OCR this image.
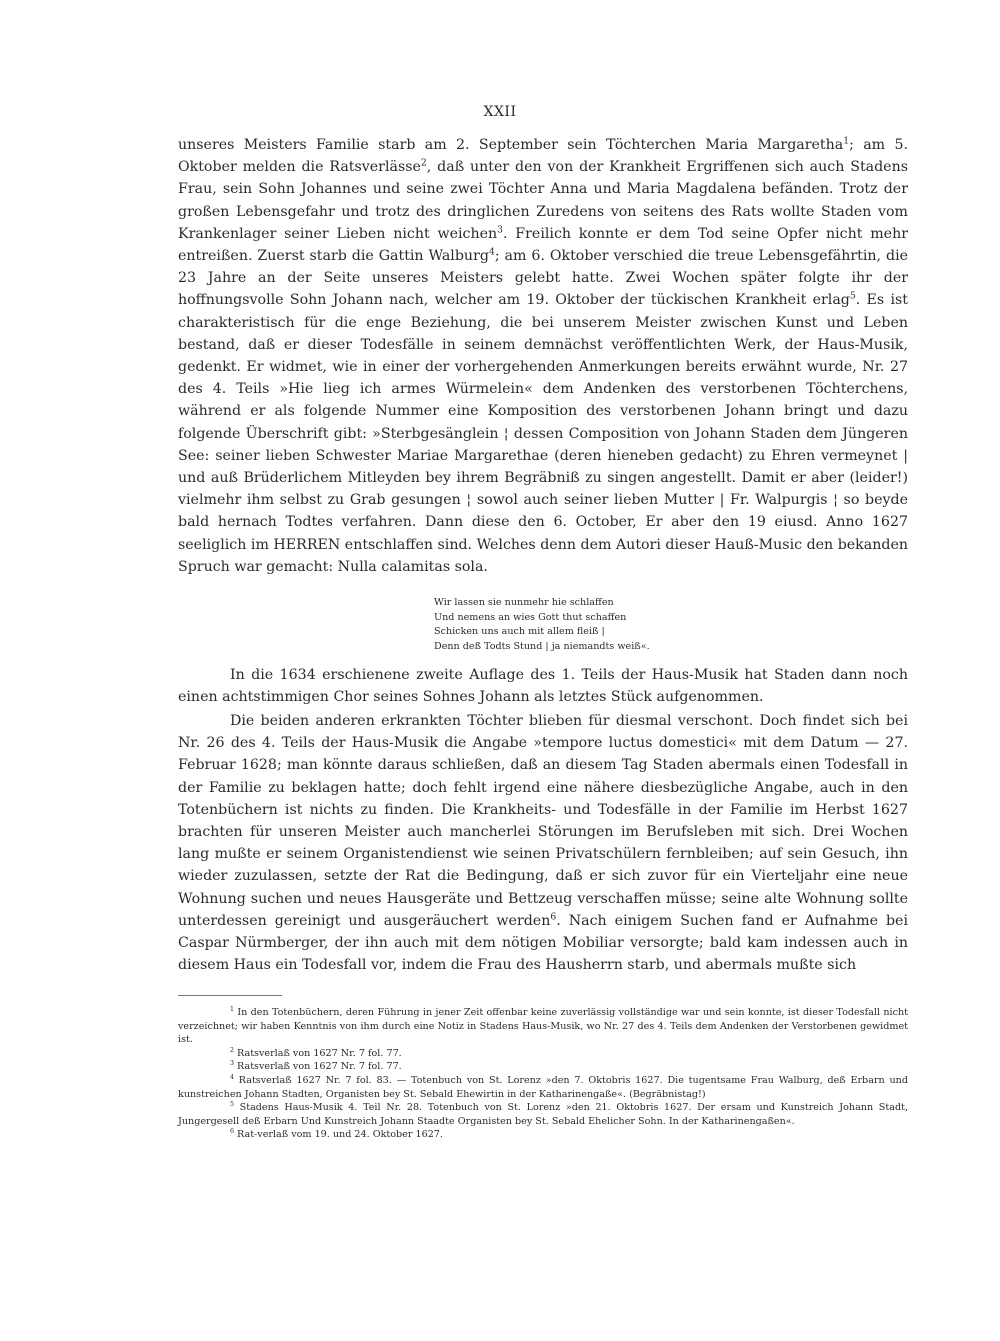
XXII

unseres Meisters Familie starb am 2. September sein Töchterchen Maria Margaretha$^1$; am 5. Oktober melden die Ratsverlässe$^2$, daß unter den von der Krankheit Ergriffenen sich auch Stadens Frau, sein Sohn Johannes und seine zwei Töchter Anna und Maria Magdalena befänden. Trotz der großen Lebensgefahr und trotz des dringlichen Zuredens von seitens des Rats wollte Staden vom Krankenlager seiner Lieben nicht weichen$^3$. Freilich konnte er dem Tod seine Opfer nicht mehr entreißen. Zuerst starb die Gattin Walburg$^4$; am 6. Oktober verschied die treue Lebensgefährtin, die 23 Jahre an der Seite unseres Meisters gelebt hatte. Zwei Wochen später folgte ihr der hoffnungsvolle Sohn Johann nach, welcher am 19. Oktober der tückischen Krankheit erlag$^5$. Es ist charakteristisch für die enge Beziehung, die bei unserem Meister zwischen Kunst und Leben bestand, daß er dieser Todesfälle in seinem demnächst veröffentlichten Werk, der Haus-Musik, gedenkt. Er widmet, wie in einer der vorhergehenden Anmerkungen bereits erwähnt wurde, Nr. 27 des 4. Teils »Hie lieg ich armes Würmelein« dem Andenken des verstorbenen Töchterchens, während er als folgende Nummer eine Komposition des verstorbenen Johann bringt und dazu folgende Überschrift gibt: »Sterbgesänglein ¦ dessen Composition von Johann Staden dem Jüngeren See: seiner lieben Schwester Mariae Margarethae (deren hieneben gedacht) zu Ehren vermeynet | und auß Brüderlichem Mitleyden bey ihrem Begräbniß zu singen angestellt. Damit er aber (leider!) vielmehr ihm selbst zu Grab gesungen ¦ sowol auch seiner lieben Mutter | Fr. Walpurgis ¦ so beyde bald hernach Todtes verfahren. Dann diese den 6. October, Er aber den 19 eiusd. Anno 1627 seeliglich im HERREN entschlaffen sind. Welches denn dem Autori dieser Hauß-Music den bekanden Spruch war gemacht: Nulla calamitas sola.

Wir lassen sie nunmehr hie schlaffen
Und nemens an wies Gott thut schaffen
Schicken uns auch mit allem fleiß |
Denn deß Todts Stund | ja niemandts weiß«.

In die 1634 erschienene zweite Auflage des 1. Teils der Haus-Musik hat Staden dann noch einen achtstimmigen Chor seines Sohnes Johann als letztes Stück aufgenommen.

Die beiden anderen erkrankten Töchter blieben für diesmal verschont. Doch findet sich bei Nr. 26 des 4. Teils der Haus-Musik die Angabe »tempore luctus domestici« mit dem Datum — 27. Februar 1628; man könnte daraus schließen, daß an diesem Tag Staden abermals einen Todesfall in der Familie zu beklagen hatte; doch fehlt irgend eine nähere diesbezügliche Angabe, auch in den Totenbüchern ist nichts zu finden. Die Krankheits- und Todesfälle in der Familie im Herbst 1627 brachten für unseren Meister auch mancherlei Störungen im Berufsleben mit sich. Drei Wochen lang mußte er seinem Organistendienst wie seinen Privatschülern fernbleiben; auf sein Gesuch, ihn wieder zuzulassen, setzte der Rat die Bedingung, daß er sich zuvor für ein Vierteljahr eine neue Wohnung suchen und neues Hausgeräte und Bettzeug verschaffen müsse; seine alte Wohnung sollte unterdessen gereinigt und ausgeräuchert werden$^6$. Nach einigem Suchen fand er Aufnahme bei Caspar Nürmberger, der ihn auch mit dem nötigen Mobiliar versorgte; bald kam indessen auch in diesem Haus ein Todesfall vor, indem die Frau des Hausherrn starb, und abermals mußte sich

$^1$ In den Totenbüchern, deren Führung in jener Zeit offenbar keine zuverlässig vollständige war und sein konnte, ist dieser Todesfall nicht verzeichnet; wir haben Kenntnis von ihm durch eine Notiz in Stadens Haus-Musik, wo Nr. 27 des 4. Teils dem Andenken der Verstorbenen gewidmet ist.

$^2$ Ratsverlaß von 1627 Nr. 7 fol. 77.

$^3$ Ratsverlaß von 1627 Nr. 7 fol. 77.

$^4$ Ratsverlaß 1627 Nr. 7 fol. 83. — Totenbuch von St. Lorenz »den 7. Oktobris 1627. Die tugentsame Frau Walburg, deß Erbarn und kunstreichen Johann Stadten, Organisten bey St. Sebald Ehewirtin in der Katharinengaße«. (Begräbnistag!)

$^5$ Stadens Haus-Musik 4. Teil Nr. 28. Totenbuch von St. Lorenz »den 21. Oktobris 1627. Der ersam und Kunstreich Johann Stadt, Jungergesell deß Erbarn Und Kunstreich Johann Staadte Organisten bey St. Sebald Ehelicher Sohn. In der Katharinengaßen«.

$^6$ Rat-verlaß vom 19. und 24. Oktober 1627.
